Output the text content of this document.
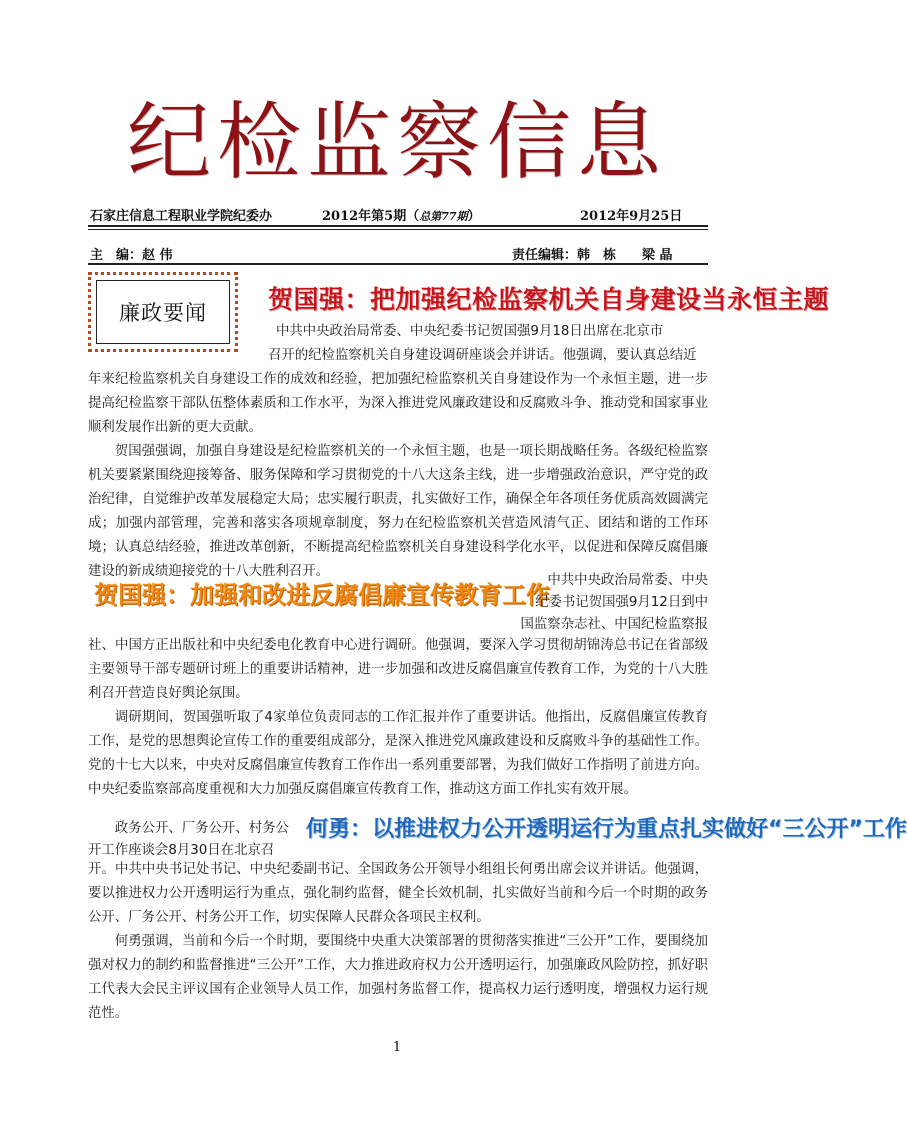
纪检监察信息
石家庄信息工程职业学院纪委办	2012年第5期（总第77期）	2012年9月25日
主　编：赵 伟	责任编辑：韩　栋　　梁 晶
廉政要闻	贺国强：把加强纪检监察机关自身建设当永恒主题
中共中央政治局常委、中央纪委书记贺国强9月18日出席在北京市
召开的纪检监察机关自身建设调研座谈会并讲话。他强调，要认真总结近

年来纪检监察机关自身建设工作的成效和经验，把加强纪检监察机关自身建设作为一个永恒主题，进一步提高纪检监察干部队伍整体素质和工作水平，为深入推进党风廉政建设和反腐败斗争、推动党和国家事业顺利发展作出新的更大贡献。

贺国强强调，加强自身建设是纪检监察机关的一个永恒主题，也是一项长期战略任务。各级纪检监察机关要紧紧围绕迎接筹备、服务保障和学习贯彻党的十八大这条主线，进一步增强政治意识，严守党的政治纪律，自觉维护改革发展稳定大局；忠实履行职责，扎实做好工作，确保全年各项任务优质高效圆满完成；加强内部管理，完善和落实各项规章制度，努力在纪检监察机关营造风清气正、团结和谐的工作环境；认真总结经验，推进改革创新，不断提高纪检监察机关自身建设科学化水平，以促进和保障反腐倡廉建设的新成绩迎接党的十八大胜利召开。

贺国强：加强和改进反腐倡廉宣传教育工作
中共中央政治局常委、中央
纪委书记贺国强9月12日到中
国监察杂志社、中国纪检监察报

社、中国方正出版社和中央纪委电化教育中心进行调研。他强调，要深入学习贯彻胡锦涛总书记在省部级主要领导干部专题研讨班上的重要讲话精神，进一步加强和改进反腐倡廉宣传教育工作，为党的十八大胜利召开营造良好舆论氛围。

调研期间，贺国强听取了4家单位负责同志的工作汇报并作了重要讲话。他指出，反腐倡廉宣传教育工作，是党的思想舆论宣传工作的重要组成部分，是深入推进党风廉政建设和反腐败斗争的基础性工作。党的十七大以来，中央对反腐倡廉宣传教育工作作出一系列重要部署，为我们做好工作指明了前进方向。中央纪委监察部高度重视和大力加强反腐倡廉宣传教育工作，推动这方面工作扎实有效开展。

政务公开、厂务公开、村务公
开工作座谈会8月30日在北京召
何勇：以推进权力公开透明运行为重点扎实做好“三公开”工作

开。中共中央书记处书记、中央纪委副书记、全国政务公开领导小组组长何勇出席会议并讲话。他强调，要以推进权力公开透明运行为重点，强化制约监督，健全长效机制，扎实做好当前和今后一个时期的政务公开、厂务公开、村务公开工作，切实保障人民群众各项民主权利。

何勇强调，当前和今后一个时期，要围绕中央重大决策部署的贯彻落实推进“三公开”工作，要围绕加强对权力的制约和监督推进“三公开”工作，大力推进政府权力公开透明运行，加强廉政风险防控，抓好职工代表大会民主评议国有企业领导人员工作，加强村务监督工作，提高权力运行透明度，增强权力运行规范性。

1
